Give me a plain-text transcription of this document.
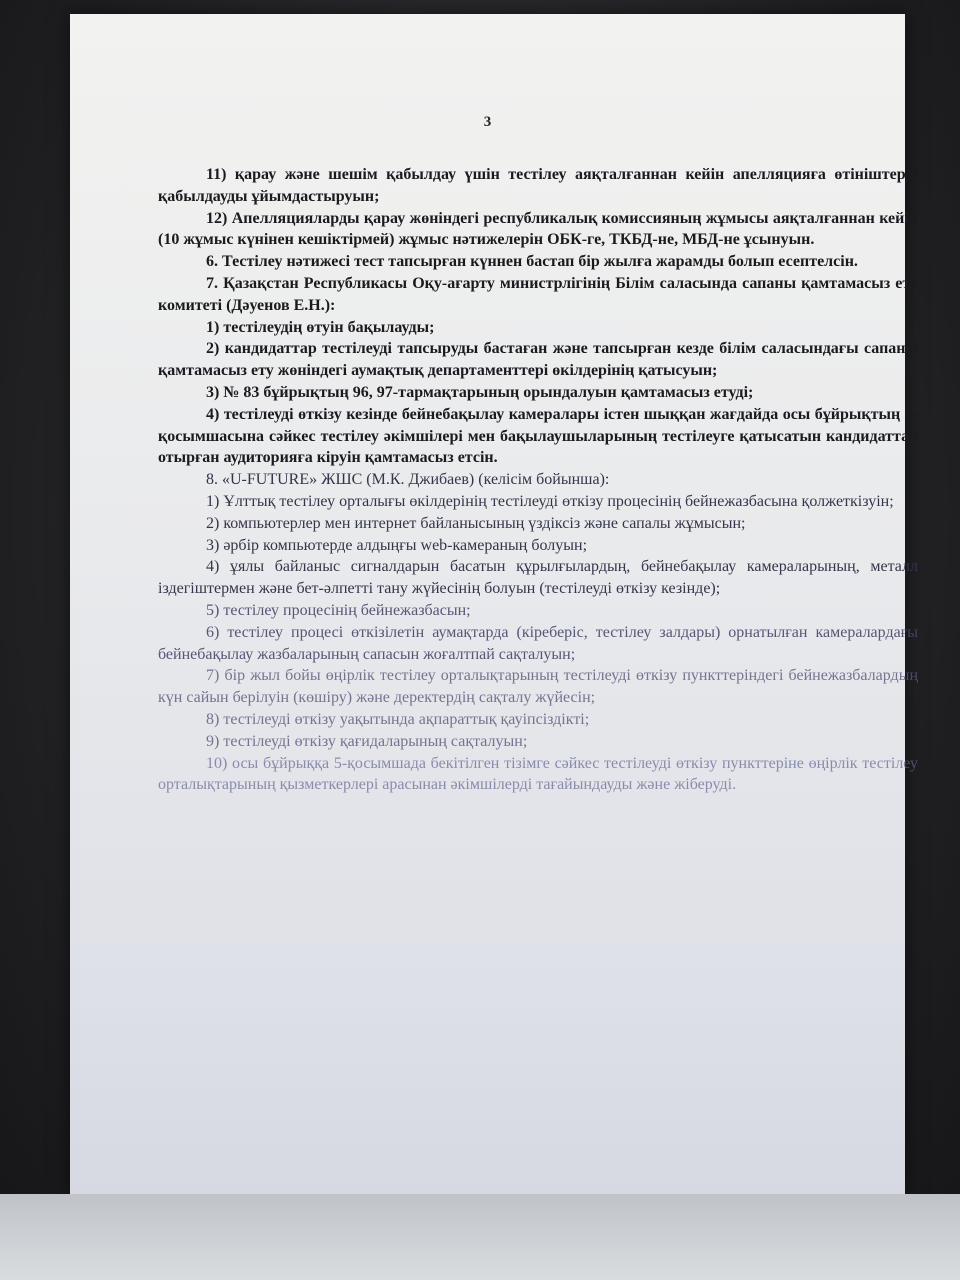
3

11) қарау және шешім қабылдау үшін тестілеу аяқталғаннан кейін апелляцияға өтініштерді қабылдауды ұйымдастыруын;

12) Апелляцияларды қарау жөніндегі республикалық комиссияның жұмысы аяқталғаннан кейін (10 жұмыс күнінен кешіктірмей) жұмыс нәтижелерін ОБК-ге, ТКБД-не, МБД-не ұсынуын.

6. Тестілеу нәтижесі тест тапсырған күннен бастап бір жылға жарамды болып есептелсін.

7. Қазақстан Республикасы Оқу-ағарту министрлігінің Білім саласында сапаны қамтамасыз ету комитеті (Дәуенов Е.Н.):

1) тестілеудің өтуін бақылауды;

2) кандидаттар тестілеуді тапсыруды бастаған және тапсырған кезде білім саласындағы сапаны қамтамасыз ету жөніндегі аумақтық департаменттері өкілдерінің қатысуын;

3) № 83 бұйрықтың 96, 97-тармақтарының орындалуын қамтамасыз етуді;

4) тестілеуді өткізу кезінде бейнебақылау камералары істен шыққан жағдайда осы бұйрықтың 5-қосымшасына сәйкес тестілеу әкімшілері мен бақылаушыларының тестілеуге қатысатын кандидаттар отырған аудиторияға кіруін қамтамасыз етсін.

8. «U-FUTURE» ЖШС (М.К. Джибаев) (келісім бойынша):

1) Ұлттық тестілеу орталығы өкілдерінің тестілеуді өткізу процесінің бейнежазбасына қолжеткізуін;

2) компьютерлер мен интернет байланысының үздіксіз және сапалы жұмысын;

3) әрбір компьютерде алдыңғы web-камераның болуын;

4) ұялы байланыс сигналдарын басатын құрылғылардың, бейнебақылау камераларының, металл іздегіштермен және бет-әлпетті тану жүйесінің болуын (тестілеуді өткізу кезінде);

5) тестілеу процесінің бейнежазбасын;

6) тестілеу процесі өткізілетін аумақтарда (кіреберіс, тестілеу залдары) орнатылған камералардағы бейнебақылау жазбаларының сапасын жоғалтпай сақталуын;

7) бір жыл бойы өңірлік тестілеу орталықтарының тестілеуді өткізу пункттеріндегі бейнежазбалардың күн сайын берілуін (көшіру) және деректердің сақталу жүйесін;

8) тестілеуді өткізу уақытында ақпараттық қауіпсіздікті;

9) тестілеуді өткізу қағидаларының сақталуын;

10) осы бұйрыққа 5-қосымшада бекітілген тізімге сәйкес тестілеуді өткізу пункттеріне өңірлік тестілеу орталықтарының қызметкерлері арасынан әкімшілерді тағайындауды және жіберуді.
